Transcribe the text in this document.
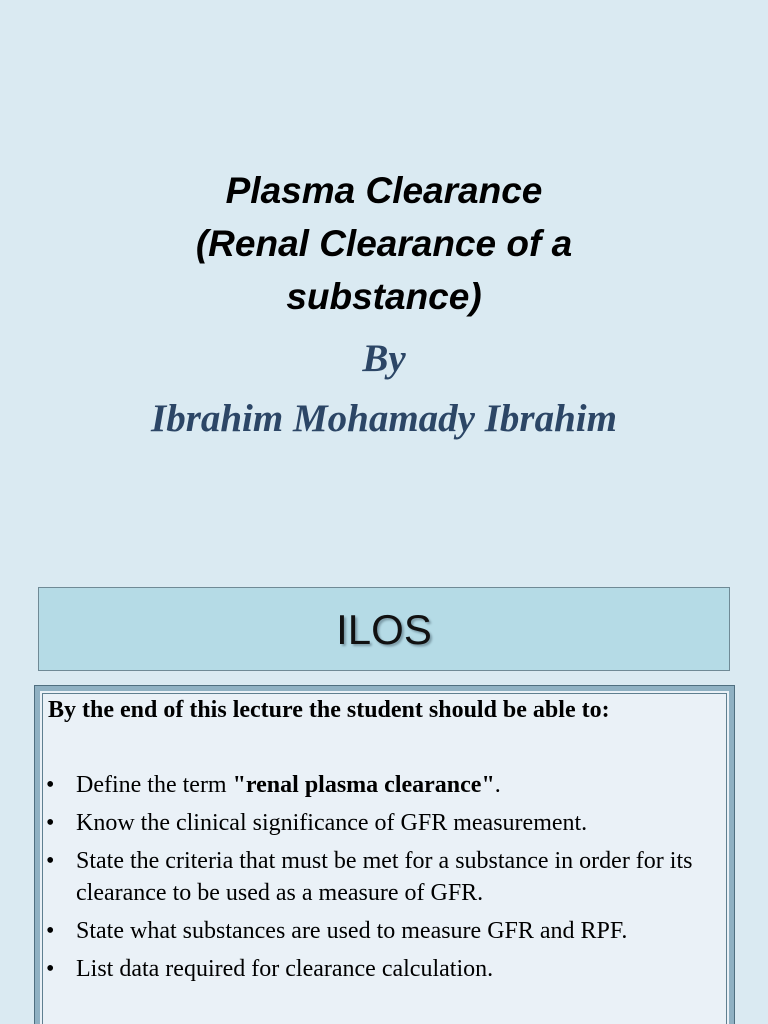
Plasma Clearance
(Renal Clearance of a
substance)
By
Ibrahim Mohamady Ibrahim
ILOS
By the end of this lecture the student should be able to:
• Define the term "renal plasma clearance".
• Know the clinical significance of GFR measurement.
• State the criteria that must be met for a substance in order for its clearance to be used as a measure of GFR.
• State what substances are used to measure GFR and RPF.
• List data required for clearance calculation.
